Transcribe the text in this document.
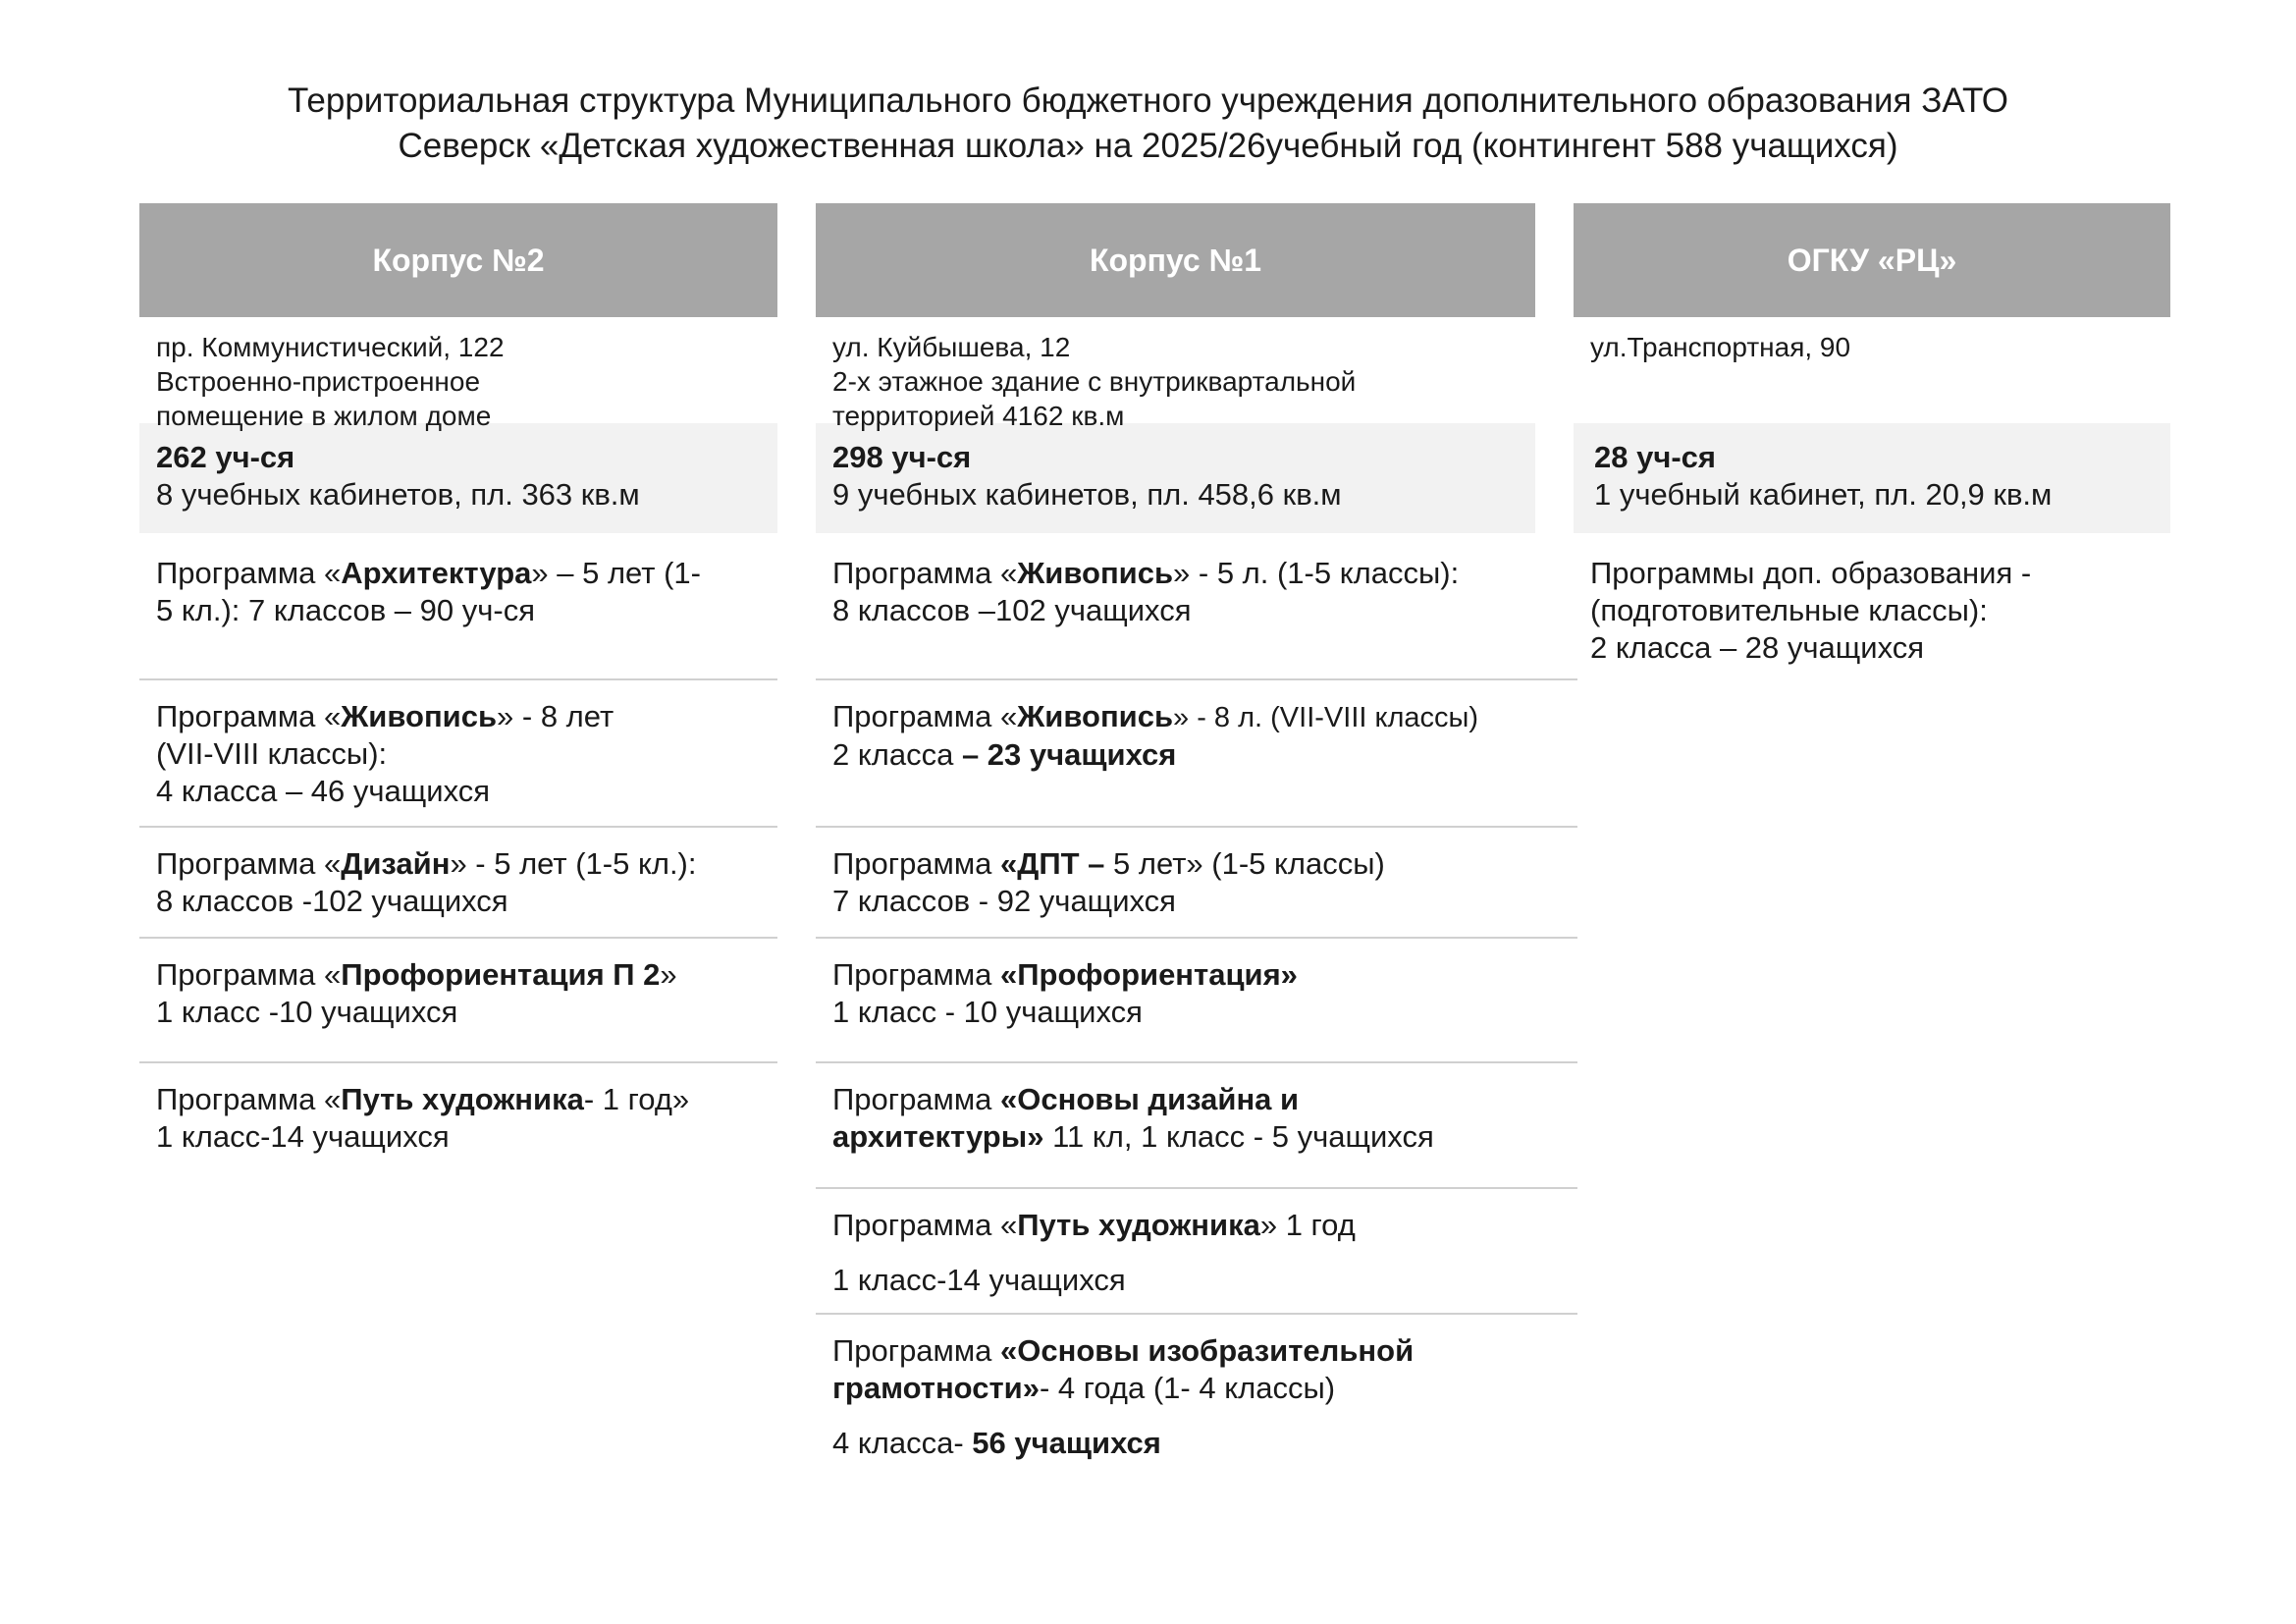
Территориальная структура Муниципального бюджетного учреждения дополнительного образования ЗАТО
Северск «Детская художественная школа» на 2025/26учебный год (контингент 588 учащихся)
Корпус №2
пр. Коммунистический, 122
Встроенно-пристроенное
помещение в жилом доме
262 уч-ся
8 учебных кабинетов, пл. 363 кв.м
Программа «Архитектура» – 5 лет (1-
5 кл.): 7 классов – 90 уч-ся
Программа «Живопись» - 8 лет
(VII-VIII классы):
4 класса – 46 учащихся
Программа «Дизайн» - 5 лет (1-5 кл.):
8 классов -102 учащихся
Программа «Профориентация П 2»
1 класс -10 учащихся
Программа «Путь художника- 1 год»
1 класс-14 учащихся
Корпус №1
ул. Куйбышева, 12
2-х этажное здание с внутриквартальной
территорией 4162 кв.м
298 уч-ся
9 учебных кабинетов, пл. 458,6 кв.м
Программа «Живопись» - 5 л. (1-5 классы):
8 классов –102 учащихся
Программа «Живопись» - 8 л. (VII-VIII классы)
2 класса – 23 учащихся
Программа «ДПТ – 5 лет» (1-5 классы)
7 классов - 92 учащихся
Программа «Профориентация»
1 класс - 10 учащихся
Программа «Основы дизайна и
архитектуры» 11 кл, 1 класс - 5 учащихся
Программа «Путь художника» 1 год
1 класс-14 учащихся
Программа «Основы изобразительной
грамотности»- 4 года (1- 4 классы)
4 класса- 56 учащихся
ОГКУ «РЦ»
ул.Транспортная, 90
28 уч-ся
1 учебный кабинет, пл. 20,9 кв.м
Программы доп. образования -
(подготовительные классы):
2 класса – 28 учащихся
